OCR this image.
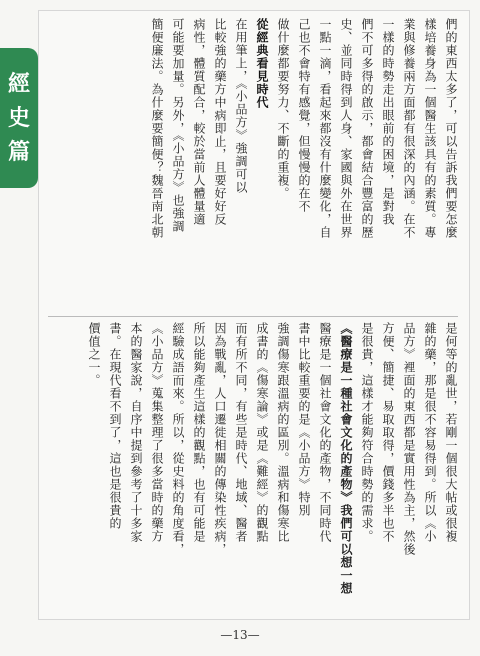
經
史
篇	們的東西太多了，可以告訴我們要怎麼
樣培養身為一個醫生該具有的素質。專
業與修養兩方面都有很深的內涵。在不
一樣的時勢走出眼前的困境，是對我
們不可多得的啟示，都會結合豐富的歷
史、並同時得到人身、家國與外在世界
一點一滴，看起來都沒有什麼變化，自
己也不會特有感覺，但慢慢的在不
做什麼都要努力、不斷的重複。
從經典看見時代
在用筆上，《小品方》強調可以
比較強的藥方中病即止，且要好好反
病性，體質配合，較於當前人體量適
可能要加量。另外，《小品方》也強調
簡便廉法。為什麼要簡便？魏晉南北朝
是何等的亂世，若剛一個很大帖或很複
雜的藥，那是很不容易得到。所以《小
品方》裡面的東西都是實用性為主，然後
方便、簡捷、易取取得，價錢多半也不
是很貴，這樣才能夠符合時勢的需求。
《醫療是一種社會文化的產物》我們可以想一想
醫療是一個社會文化的產物，不同時代
書中比較重要的是《小品方》特別
強調傷寒跟溫病的區別。溫病和傷寒比
成書的《傷寒論》或是《難經》的觀點
而有所不同，有些是時代、地域、醫者
因為戰亂，人口遷徙相關的傳染性疾病，
所以能夠產生這樣的觀點，也有可能是
經驗成語而來。所以，從史料的角度看，
《小品方》蒐集整理了很多當時的藥方
本的醫家說，自序中提到參考了十多家
書。在現代看不到了，這也是很貴的
價值之一。
—13—
